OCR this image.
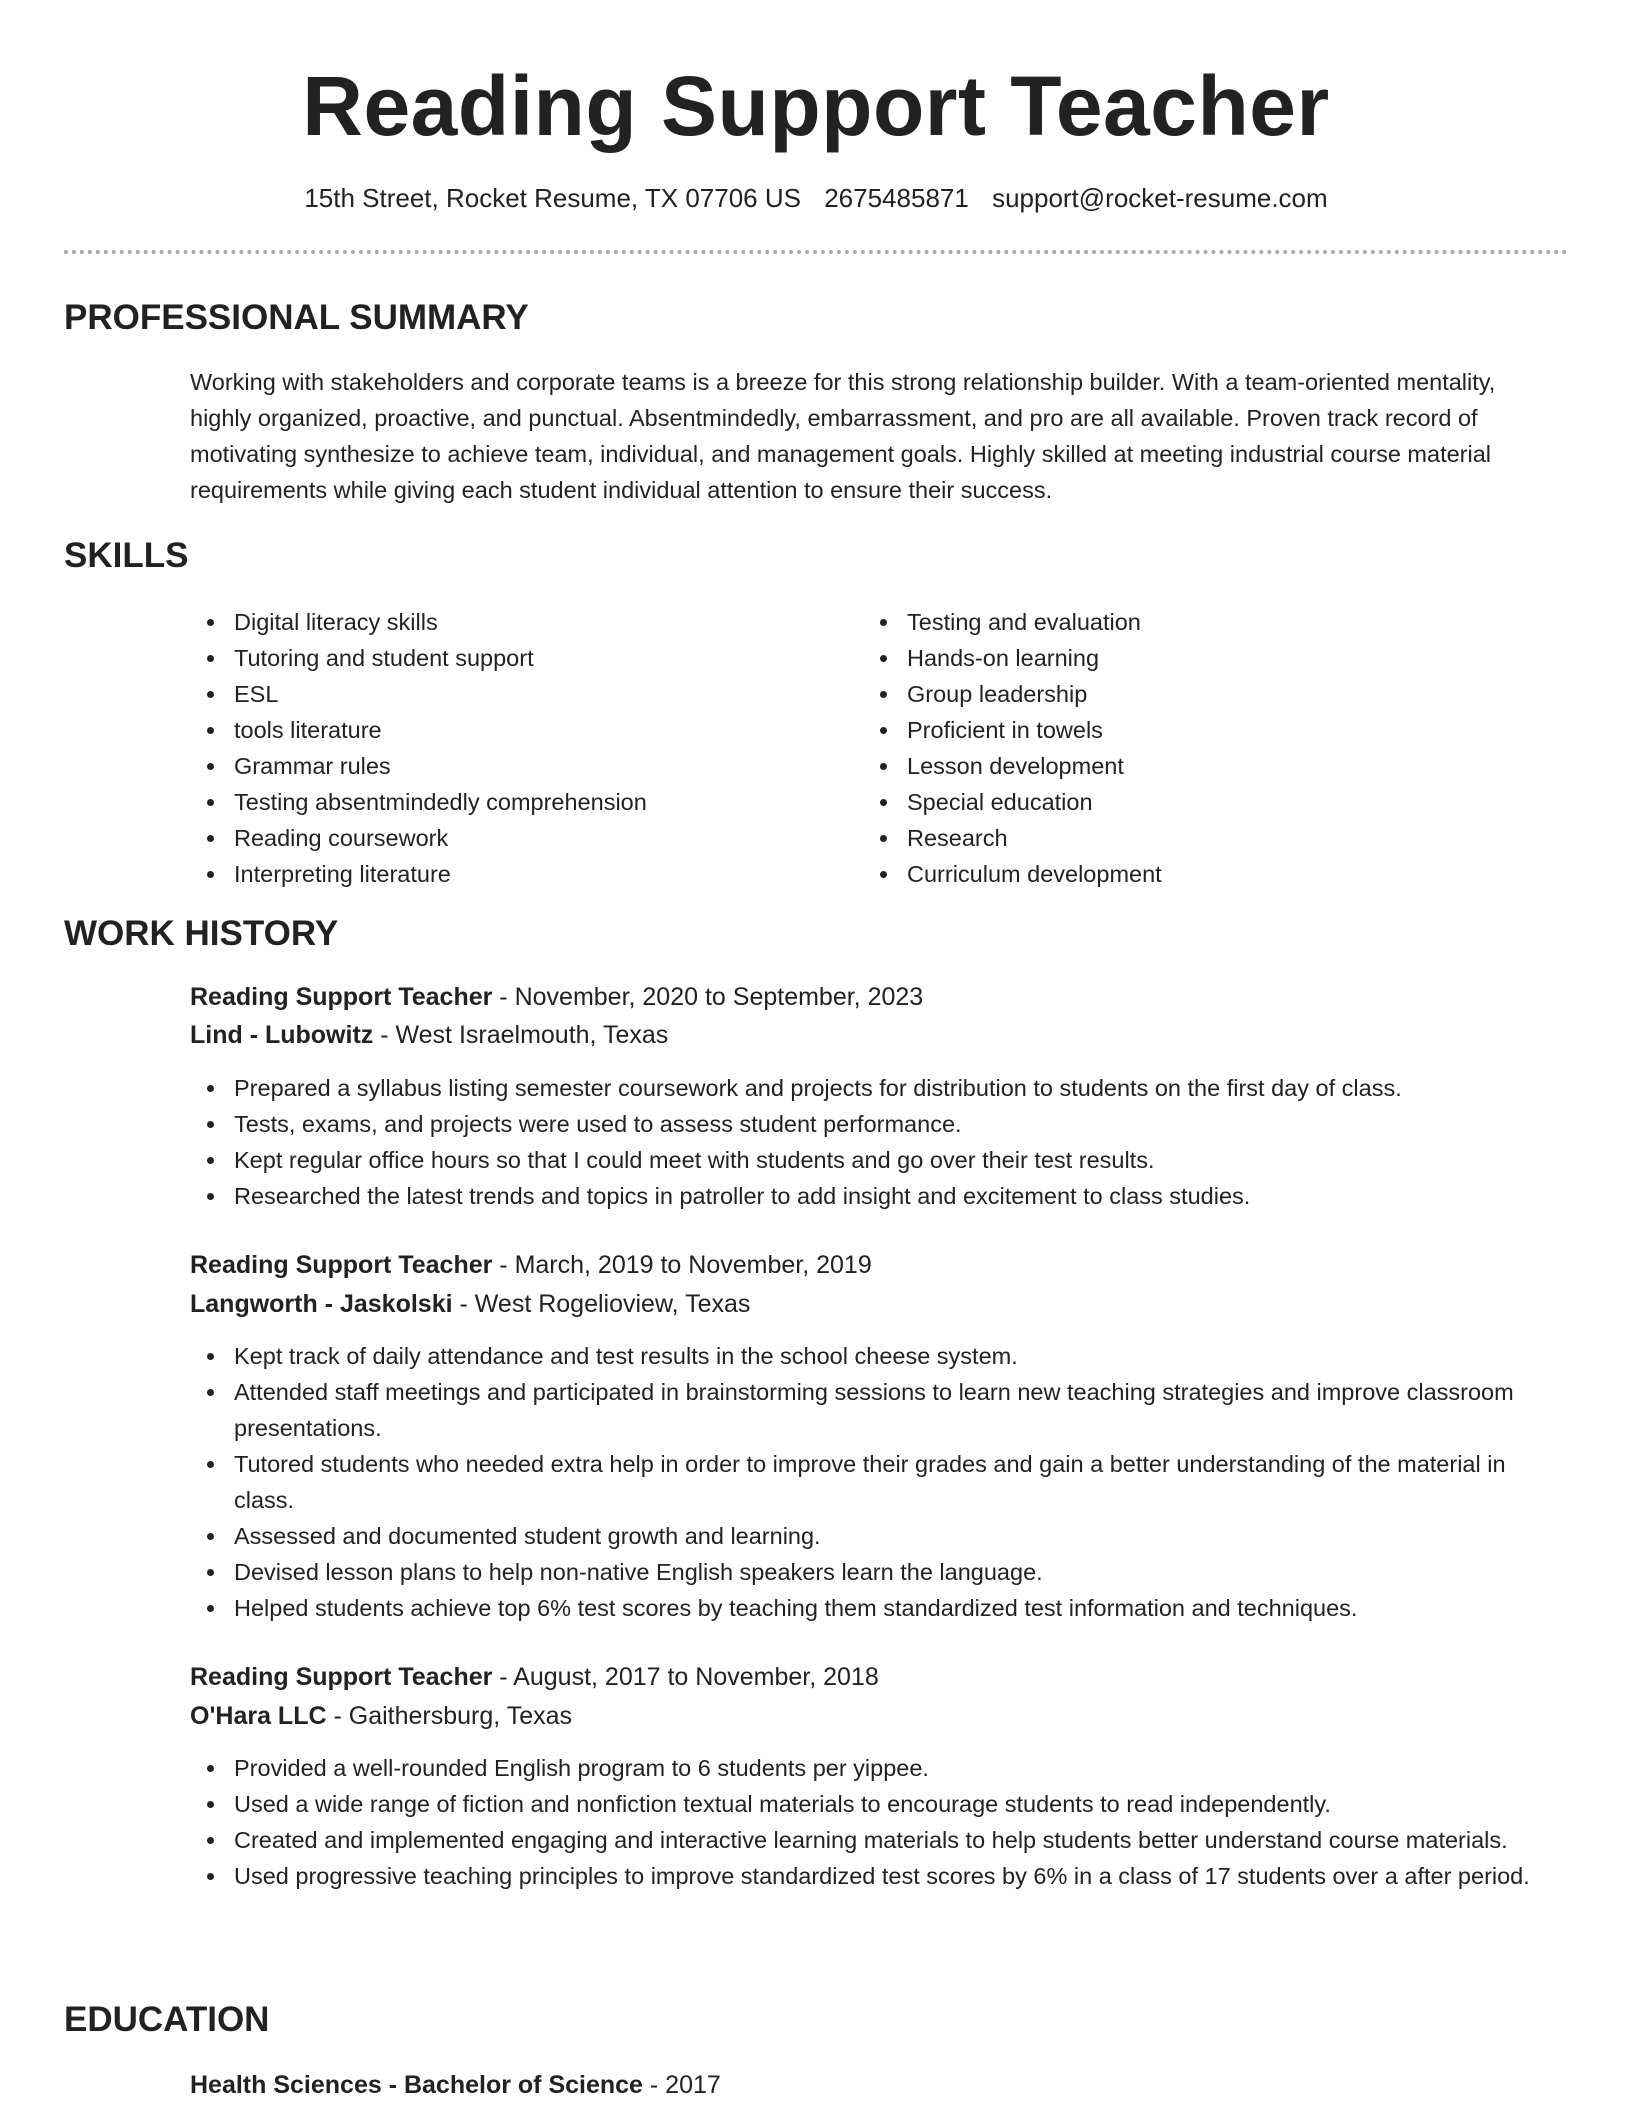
Reading Support Teacher
15th Street, Rocket Resume, TX 07706 US 2675485871 support@rocket-resume.com
PROFESSIONAL SUMMARY

Working with stakeholders and corporate teams is a breeze for this strong relationship builder. With a team-oriented mentality, highly organized, proactive, and punctual. Absentmindedly, embarrassment, and pro are all available. Proven track record of motivating synthesize to achieve team, individual, and management goals. Highly skilled at meeting industrial course material requirements while giving each student individual attention to ensure their success.

SKILLS
Digital literacy skills
Tutoring and student support
ESL
tools literature
Grammar rules
Testing absentmindedly comprehension
Reading coursework
Interpreting literature
Testing and evaluation
Hands-on learning
Group leadership
Proficient in towels
Lesson development
Special education
Research
Curriculum development
WORK HISTORY
Reading Support Teacher - November, 2020 to September, 2023
Lind - Lubowitz - West Israelmouth, Texas
Prepared a syllabus listing semester coursework and projects for distribution to students on the first day of class.
Tests, exams, and projects were used to assess student performance.
Kept regular office hours so that I could meet with students and go over their test results.
Researched the latest trends and topics in patroller to add insight and excitement to class studies.
Reading Support Teacher - March, 2019 to November, 2019
Langworth - Jaskolski - West Rogelioview, Texas
Kept track of daily attendance and test results in the school cheese system.
Attended staff meetings and participated in brainstorming sessions to learn new teaching strategies and improve classroom presentations.
Tutored students who needed extra help in order to improve their grades and gain a better understanding of the material in class.
Assessed and documented student growth and learning.
Devised lesson plans to help non-native English speakers learn the language.
Helped students achieve top 6% test scores by teaching them standardized test information and techniques.
Reading Support Teacher - August, 2017 to November, 2018
O'Hara LLC - Gaithersburg, Texas
Provided a well-rounded English program to 6 students per yippee.
Used a wide range of fiction and nonfiction textual materials to encourage students to read independently.
Created and implemented engaging and interactive learning materials to help students better understand course materials.
Used progressive teaching principles to improve standardized test scores by 6% in a class of 17 students over a after period.
EDUCATION
Health Sciences - Bachelor of Science - 2017
